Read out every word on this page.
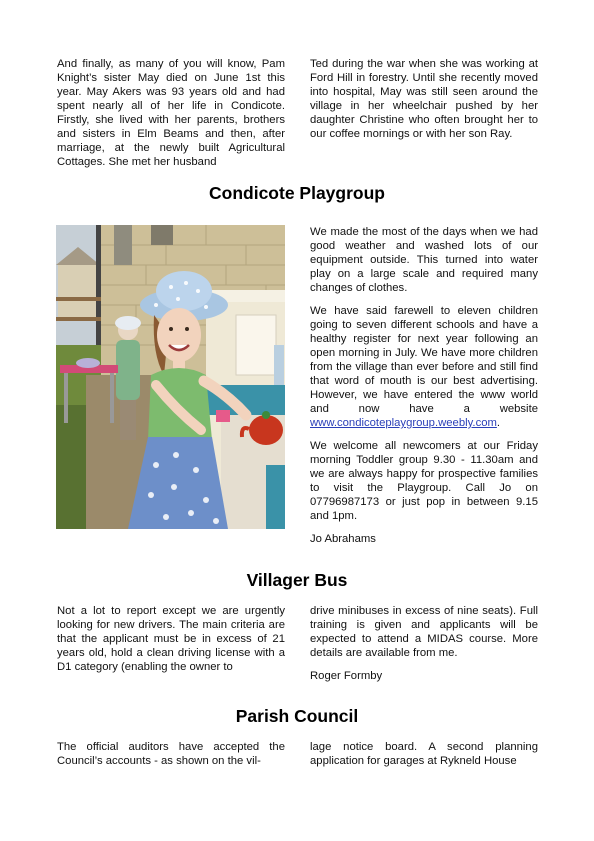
And finally, as many of you will know, Pam Knight’s sister May died on June 1st this year. May Akers was 93 years old and had spent nearly all of her life in Condicote. Firstly, she lived with her parents, brothers and sisters in Elm Beams and then, after marriage, at the newly built Agricultural Cottages. She met her husband

Ted during the war when she was working at Ford Hill in forestry. Until she recently moved into hospital, May was still seen around the village in her wheelchair pushed by her daughter Christine who often brought her to our coffee mornings or with her son Ray.

Condicote Playgroup

We made the most of the days when we had good weather and washed lots of our equipment outside. This turned into water play on a large scale and required many changes of clothes.

We have said farewell to eleven children going to seven different schools and have a healthy register for next year following an open morning in July. We have more children from the village than ever before and still find that word of mouth is our best advertising. However, we have entered the www world and now have a website www.condicoteplaygroup.weebly.com.

We welcome all newcomers at our Friday morning Toddler group 9.30 - 11.30am and we are always happy for prospective families to visit the Playgroup. Call Jo on 07796987173 or just pop in between 9.15 and 1pm.

Jo Abrahams

Villager Bus

Not a lot to report except we are urgently looking for new drivers. The main criteria are that the applicant must be in excess of 21 years old, hold a clean driving license with a D1 category (enabling the owner to

drive minibuses in excess of nine seats). Full training is given and applicants will be expected to attend a MIDAS course. More details are available from me.

Roger Formby

Parish Council

The official auditors have accepted the Council’s accounts - as shown on the vil-

lage notice board. A second planning application for garages at Rykneld House
